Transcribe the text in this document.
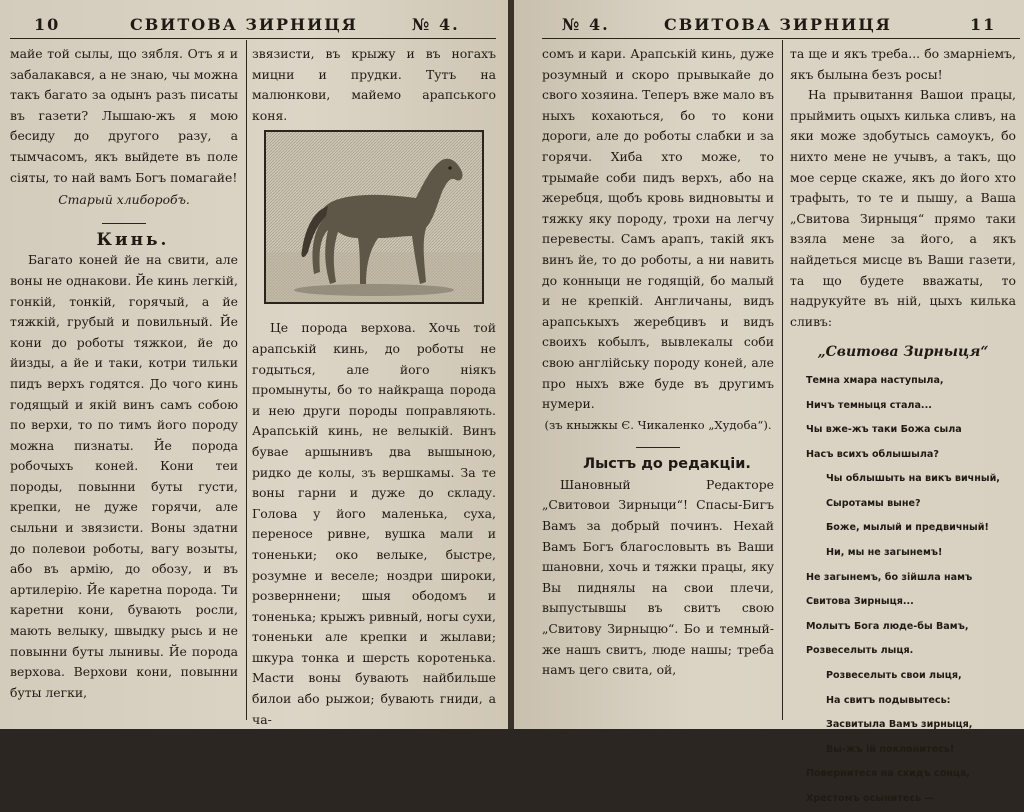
10	СВИТОВА ЗИРНИЦЯ	№ 4.

майе той сылы, що зябля. Отъ я и забалакався, а не знаю, чы можна такъ багато за одынъ разъ писаты въ газети? Лышаю-жъ я мою бесиду до другого разу, а тымчасомъ, якъ выйдете въ поле сіяты, то най вамъ Богъ помагайе!

Старый хлиборобъ.

Кинь.

Багато коней йе на свити, але воны не однакови. Йе кинь легкій, гонкій, тонкій, горячый, а йе тяжкій, грубый и повильный. Йе кони до роботы тяжкои, йе до йизды, а йе и таки, котри тильки пидъ верхъ годятся. До чого кинь годящый и якій винъ самъ собою по верхи, то по тимъ його породу можна пизнаты. Йе порода робочыхъ коней. Кони теи породы, повынни буты густи, крепки, не дуже горячи, але сыльни и звязисти. Воны здатни до полевои роботы, вагу возыты, або въ армію, до обозу, и въ артилерію. Йе каретна порода. Ти каретни кони, бувають росли, мають велыку, швыдку рысь и не повынни буты лынивы. Йе порода верхова. Верхови кони, повынни буты легки,

звязисти, въ крыжу и въ ногахъ мицни и прудки. Тутъ на малюнкови, майемо арапського коня.

Це порода верхова. Хочь той арапській кинь, до роботы не годыться, але його ніякъ промынуты, бо то найкраща порода и нею други породы поправляють. Арапській кинь, не велыкій. Винъ бувае аршынивъ два вышыною, ридко де колы, зъ вершкамы. За те воны гарни и дуже до складу. Голова у його маленька, суха, переносе ривне, вушка мали и тоненьки; око велыке, быстре, розумне и веселе; ноздри широки, розверннени; шыя ободомъ и тоненька; крыжъ ривный, ногы сухи, тоненьки але крепки и жылави; шкура тонка и шерсть коротенька. Масти воны бувають найбильше билои або рыжои; бувають гниди, а ча-

№ 4.	СВИТОВА ЗИРНИЦЯ	11

сомъ и кари. Арапській кинь, дуже розумный и скоро прывыкайе до свого хозяина. Теперъ вже мало въ ныхъ кохаються, бо то кони дороги, але до роботы слабки и за горячи. Хиба хто може, то трымайе соби пидъ верхъ, або на жеребця, щобъ кровь видновыты и тяжку яку породу, трохи на легчу перевесты. Самъ арапъ, такій якъ винъ йе, то до роботы, а ни навить до конныци не годящій, бо малый и не крепкій. Англичаны, видъ арапськыхъ жеребцивъ и видъ своихъ кобылъ, вывлекалы соби свою англійську породу коней, але про ныхъ вже буде въ другимъ нумери.

(зъ кныжкы Є. Чикаленко „Худоба“).

Лыстъ до редакціи.

Шановный Редакторе „Свитовои Зирныци“! Спасы-Бигъ Вамъ за добрый починъ. Нехай Вамъ Богъ благословыть въ Ваши шановни, хочь и тяжки працы, яку Вы пиднялы на свои плечи, выпустывшы въ свитъ свою „Свитову Зирныцю“. Бо и темный-же нашъ свитъ, люде нашы; треба намъ цего свита, ой,

та ще и якъ треба... бо змарніемъ, якъ былына безъ росы!

На прывитання Вашои працы, прыймить оцыхъ килька сливъ, на яки може здобутысь самоукъ, бо нихто мене не учывъ, а такъ, що мое серце скаже, якъ до його хто трафыть, то те и пышу, а Ваша „Свитова Зирныця“ прямо таки взяла мене за його, а якъ найдеться мисце въ Ваши газети, та що будете вважаты, то надрукуйте въ ній, цыхъ килька сливъ:

„Свитова Зирныця“
Темна хмара наступыла,
Ничъ темныця стала...
Чы вже-жъ таки Божа сыла
Насъ всихъ облышыла?
Чы облышыть на викъ вичный,
Сыротамы выне?
Боже, мылый и предвичный!
Ни, мы не загынемъ!
Не загынемъ, бо зійшла намъ
Свитова Зирныця...
Молытъ Бога люде-бы Вамъ,
Розвеселыть лыця.
Розвеселыть свои лыця,
На свитъ подывытесь:
Засвитыла Вамъ зирныця,
Вы-жъ ій поклонитесь!
Повернитеся на схидъ сонця,
Хрестомъ осынитесь —
